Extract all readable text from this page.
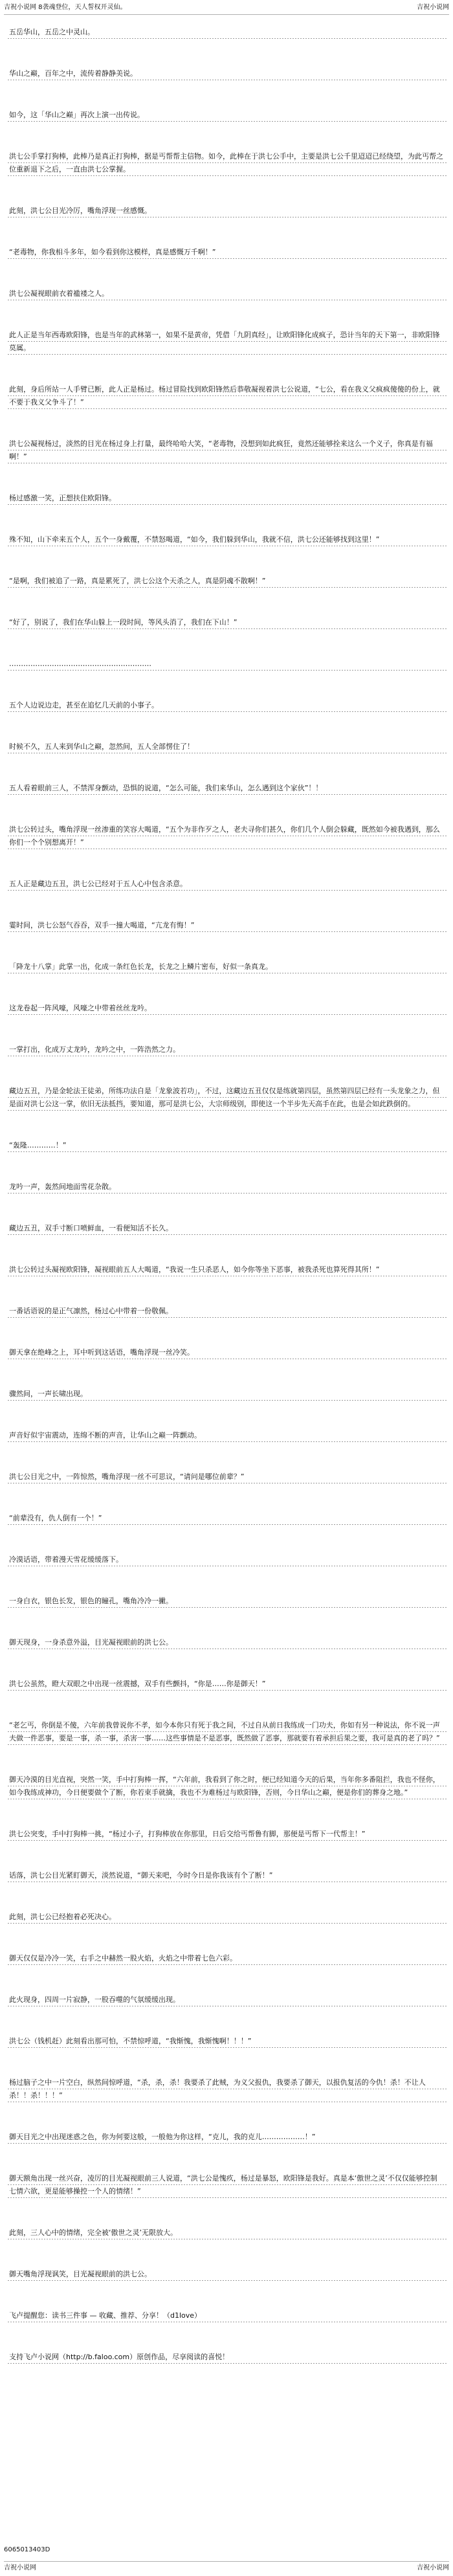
吉祝小说网 8袭魂登位，天人誓权开灵仙。	吉祝小说网

五岳华山，五岳之中灵山。

华山之巅，百年之中，流传着静静美说。

如今，这「华山之巅」再次上演一出传说。

洪七公手掌打狗棒，此棒乃是真正打狗棒，据是丐帮帮主信物。如今，此棒在于洪七公手中，主要是洪七公千里迢迢已经绕望，为此丐帮之位重新退下之后，一直由洪七公掌握。

此刻，洪七公目光冷厉，嘴角浮现一丝感慨。

“老毒物，你我相斗多年，如今看到你这模样，真是感慨万千啊！”

洪七公凝视眼前衣着褴褛之人。

此人正是当年西毒欧阳锋，也是当年的武林第一，如果不是黄帝，凭借「九阴真经」，让欧阳锋化成疯子，恐计当年的天下第一，非欧阳锋莫属。

此刻，身后所站一人手臂已断，此人正是杨过。杨过冒险找到欧阳锋然后恭敬凝视着洪七公说道，“七公，看在我义父疯疯傻傻的份上，就不要于我义父争斗了！”

洪七公凝视杨过，淡然的目光在杨过身上打量，最终哈哈大笑，“老毒物，没想到如此疯狂，竟然还能够拴来这么一个义子，你真是有福啊！”

杨过感激一笑，正想扶住欧阳锋。

殊不知，山下牵来五个人，五个一身戴覆，不禁怒喝道，“如今，我们躲到华山，我就不信，洪七公还能够找到这里！”

“是啊，我们被追了一路，真是累死了，洪七公这个天杀之人，真是阴魂不散啊！”

“好了，别说了，我们在华山躲上一段时间，等风头消了，我们在下山！”

……………………………………………………

五个人边说边走，甚至在追忆几天前的小事子。

时候不久，五人来到华山之巅，忽然间，五人全部愣住了！

五人看着眼前三人，不禁浑身颤动，恐惧的说道，“怎么可能，我们来华山，怎么遇到这个家伙”！！

洪七公转过头，嘴角浮现一丝渗重的笑容大喝道，“五个为非作歹之人，老夫寻你们甚久，你们几个人倒会躲藏，既然如今被我遇到，那么你们一个个别想离开！”

五人正是藏边五丑，洪七公已经对于五人心中包含杀意。

霎时间，洪七公怒气吞吞，双手一撞大喝道，“亢龙有悔！”

「降龙十八掌」此掌一出，化成一条红色长龙，长龙之上鳞片密布，好似一条真龙。

这龙卷起一阵风嚎，风嚎之中带着丝丝龙吟。

一掌打出，化成万丈龙吟，龙吟之中，一阵浩然之力。

藏边五丑，乃是金轮法王徒弟，所练功法自是「龙象波若功」，不过，这藏边五丑仅仅是练就第四层，虽然第四层已经有一头龙象之力，但是面对洪七公这一掌，依旧无法抵挡，要知道，那可是洪七公，大宗师级别，即使这一个半步先天高手在此，也是会如此跌倒的。

“轰隆…………！”

龙吟一声，轰然间地面雪花杂散。

藏边五丑，双手寸断口喷鲜血，一看便知活不长久。

洪七公转过头凝视欧阳锋，凝视眼前五人大喝道，“我说一生只杀恶人，如今你等坐下恶事，被我杀死也算死得其所！”

一番话语说的是正气凛然，杨过心中带着一份敬佩。

御天拿在绝峰之上，耳中听到这话语，嘴角浮现一丝冷笑。

骤然间，一声长啸出现。

声音好似宇宙震动，连绵不断的声音，让华山之巅一阵颤动。

洪七公目光之中，一阵惊然，嘴角浮现一丝不可思议，“请问是哪位前辈？”

“前辈没有，仇人倒有一个！”

冷漠话语，带着漫天雪花缓缓落下。

一身白衣，银色长发，银色的瞳孔，嘴角冷冷一撇。

御天现身，一身杀意外溢，目光凝视眼前的洪七公。

洪七公虽然，瞪大双眼之中出现一丝震撼，双手有些颤抖，“你是……你是御天！”

“老乞丐，你倒是不傻，六年前我曾说你不孝，如今本你只有死于我之间，不过自从前日我练成一门功夫，你如有另一种说法，你不说一声夫做一件恶事，要是一事，杀一事，杀害一事……这些事情是不是恶事，既然做了恶事，那就要有着承担后果之要，我可是真的老了吗？”

御天冷漠的目光直视，突然一笑，手中打狗棒一挥，“六年前，我看到了你之时，便已经知道今天的后果，当年你多番阻拦，我也不怪你，如今我练成神功，今日便要做个了断，你若束手就擒，我也不为难杨过与欧阳锋，否则，今日华山之巅，便是你们的葬身之地。”

洪七公突变，手中打狗棒一挑，“杨过小子，打狗棒放在你那里，日后交给丐帮鲁有脚，那便是丐帮下一代帮主！”

话落，洪七公目光紧盯御天，淡然说道，“御天来吧，今时今日是你我该有个了断！”

此刻，洪七公已经抱着必死决心。

御天仅仅是冷冷一笑，右手之中赫然一股火焰，火焰之中带着七色六彩。

此火现身，四周一片寂静，一股吞噬的气氛缓缓出现。

洪七公（钱机赶）此刻看出那可怕，不禁惊呼道，“我惭愧，我惭愧啊！！！”

杨过脑子之中一片空白，纵然间惊呼道，“杀，杀，杀！我要杀了此贼，为义父报仇，我要杀了御天，以报仇复活的今仇！杀！不让人杀！！杀！！！”

御天目光之中出现迷惑之色，你为何要这般，一般他为你这样，“克儿，我的克儿………………！”

御天额角出现一丝兴奋，凌厉的目光凝视眼前三人说道，“洪七公是愧疚，杨过是暴怒，欧阳锋是我好。真是本‘傲世之灵’不仅仅能够控制七情六欲，更是能够操控一个人的情绪！”

此刻，三人心中的情绪，完全被‘傲世之灵’无限放大。

御天嘴角浮现讽笑，目光凝视眼前的洪七公。

飞卢提醒您：读书三件事 — 收藏、推荐、分享！（d1love）

支持飞卢小说网（http://b.faloo.com）原创作品，尽享阅读的喜悦！

6065013403D
吉祝小说网	吉祝小说网
